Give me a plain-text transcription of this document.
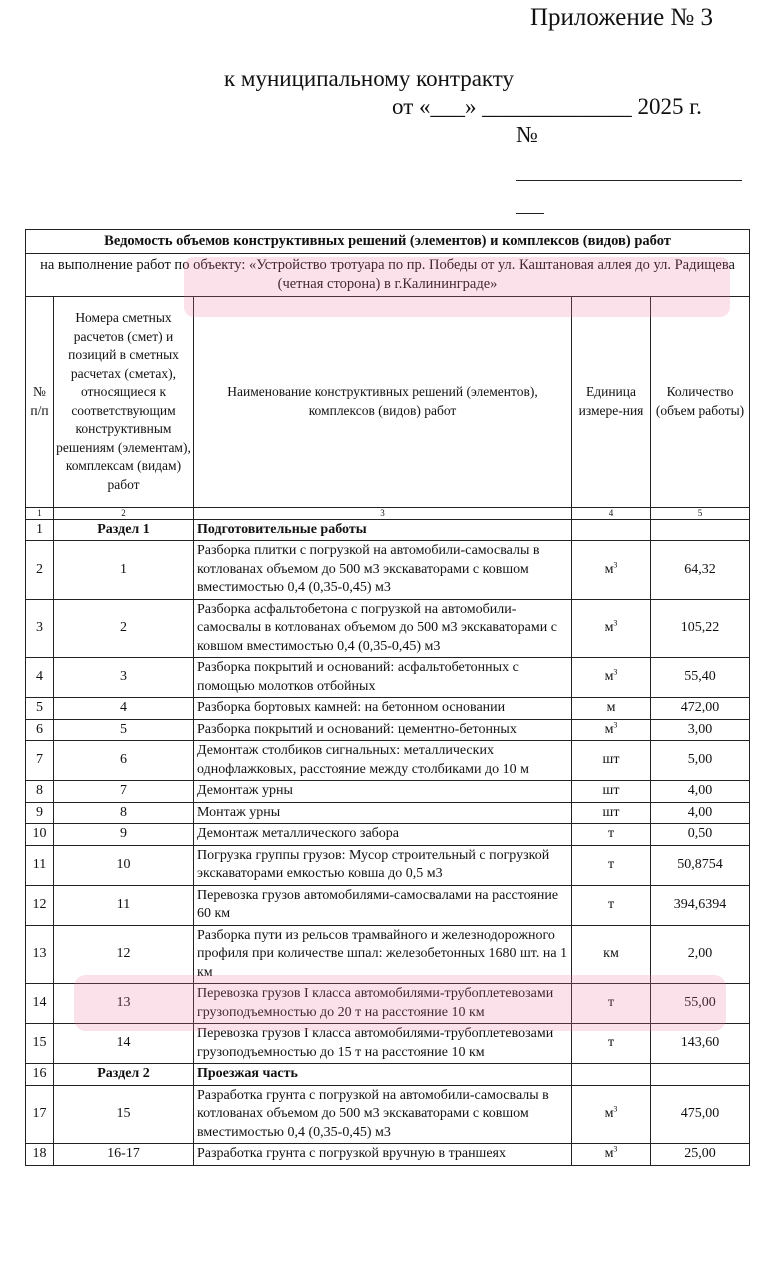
Приложение № 3
к муниципальному контракту
от «___» _____________ 2025 г.
№
Ведомость объемов конструктивных решений (элементов) и комплексов (видов) работ				
на выполнение работ по объекту: «Устройство тротуара по пр. Победы от ул. Каштановая аллея до ул. Радищева (четная сторона) в г.Калининграде»				
№ п/п	Номера сметных расчетов (смет) и позиций в сметных расчетах (сметах), относящиеся к соответствующим конструктивным решениям (элементам), комплексам (видам) работ	Наименование конструктивных решений (элементов), комплексов (видов) работ	Единица измере-ния	Количество (объем работы)
1	2	3	4	5
1	Раздел 1	Подготовительные работы		
2	1	Разборка плитки с погрузкой на автомобили-самосвалы в котлованах объемом до 500 м3 экскаваторами с ковшом вместимостью 0,4 (0,35-0,45) м3	$м^3$	64,32
3	2	Разборка асфальтобетона с погрузкой на автомобили-самосвалы в котлованах объемом до 500 м3 экскаваторами с ковшом вместимостью 0,4 (0,35-0,45) м3	$м^3$	105,22
4	3	Разборка покрытий и оснований: асфальтобетонных с помощью молотков отбойных	$м^3$	55,40
5	4	Разборка бортовых камней: на бетонном основании	м	472,00
6	5	Разборка покрытий и оснований: цементно-бетонных	$м^3$	3,00
7	6	Демонтаж столбиков сигнальных: металлических однофлажковых, расстояние между столбиками до 10 м	шт	5,00
8	7	Демонтаж урны	шт	4,00
9	8	Монтаж урны	шт	4,00
10	9	Демонтаж металлического забора	т	0,50
11	10	Погрузка группы грузов: Мусор строительный с погрузкой экскаваторами емкостью ковша до 0,5 м3	т	50,8754
12	11	Перевозка грузов автомобилями-самосвалами на расстояние 60 км	т	394,6394
13	12	Разборка пути из рельсов трамвайного и железнодорожного профиля при количестве шпал: железобетонных 1680 шт. на 1 км	км	2,00
14	13	Перевозка грузов I класса автомобилями-трубоплетевозами грузоподъемностью до 20 т на расстояние 10 км	т	55,00
15	14	Перевозка грузов I класса автомобилями-трубоплетевозами грузоподъемностью до 15 т на расстояние 10 км	т	143,60
16	Раздел 2	Проезжая часть		
17	15	Разработка грунта с погрузкой на автомобили-самосвалы в котлованах объемом до 500 м3 экскаваторами с ковшом вместимостью 0,4 (0,35-0,45) м3	$м^3$	475,00
18	16-17	Разработка грунта с погрузкой вручную в траншеях	$м^3$	25,00
